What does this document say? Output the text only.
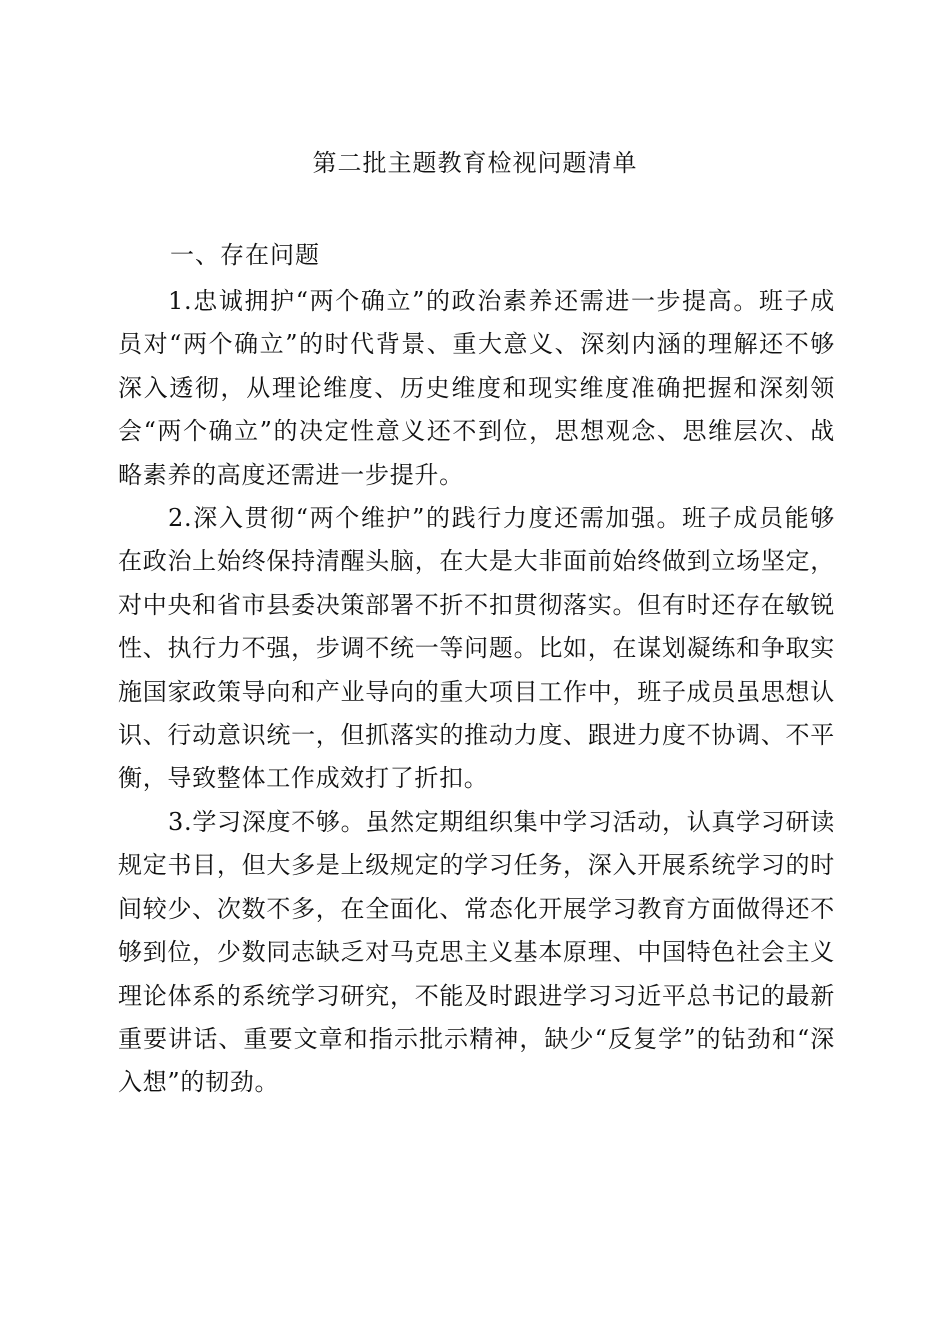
第二批主题教育检视问题清单
一、存在问题

1.忠诚拥护“两个确立”的政治素养还需进一步提高。班子成员对“两个确立”的时代背景、重大意义、深刻内涵的理解还不够深入透彻，从理论维度、历史维度和现实维度准确把握和深刻领会“两个确立”的决定性意义还不到位，思想观念、思维层次、战略素养的高度还需进一步提升。

2.深入贯彻“两个维护”的践行力度还需加强。班子成员能够在政治上始终保持清醒头脑，在大是大非面前始终做到立场坚定，对中央和省市县委决策部署不折不扣贯彻落实。但有时还存在敏锐性、执行力不强，步调不统一等问题。比如，在谋划凝练和争取实施国家政策导向和产业导向的重大项目工作中，班子成员虽思想认识、行动意识统一，但抓落实的推动力度、跟进力度不协调、不平衡，导致整体工作成效打了折扣。

3.学习深度不够。虽然定期组织集中学习活动，认真学习研读规定书目，但大多是上级规定的学习任务，深入开展系统学习的时间较少、次数不多，在全面化、常态化开展学习教育方面做得还不够到位，少数同志缺乏对马克思主义基本原理、中国特色社会主义理论体系的系统学习研究，不能及时跟进学习习近平总书记的最新重要讲话、重要文章和指示批示精神，缺少“反复学”的钻劲和“深入想”的韧劲。
